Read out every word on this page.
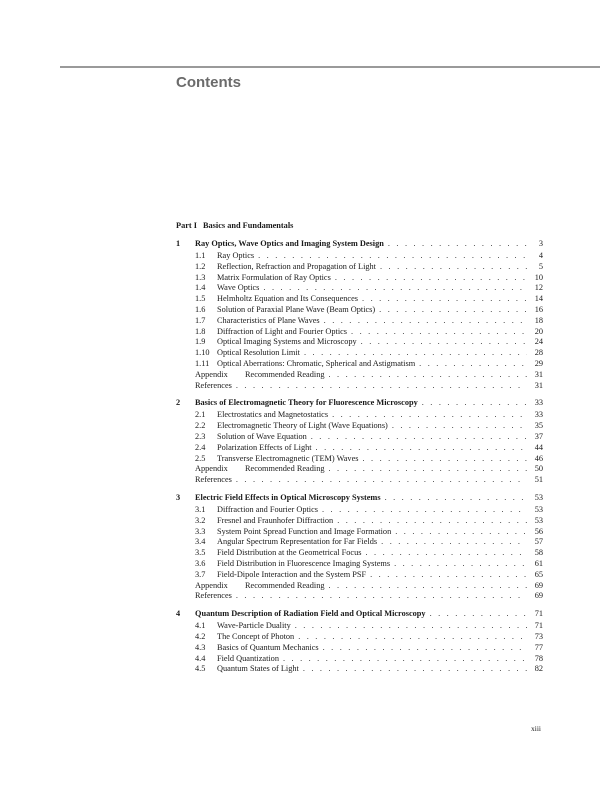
Contents
Part I Basics and Fundamentals
1	Ray Optics, Wave Optics and Imaging System Design . . .	3
1.1	Ray Optics . . .	4
1.2	Reflection, Refraction and Propagation of Light . . .	5
1.3	Matrix Formulation of Ray Optics . . .	10
1.4	Wave Optics . . .	12
1.5	Helmholtz Equation and Its Consequences . . .	14
1.6	Solution of Paraxial Plane Wave (Beam Optics) . . .	16
1.7	Characteristics of Plane Waves . . .	18
1.8	Diffraction of Light and Fourier Optics . . .	20
1.9	Optical Imaging Systems and Microscopy . . .	24
1.10 Optical Resolution Limit . . .	28
1.11 Optical Aberrations: Chromatic, Spherical and Astigmatism . . .	29
Appendix Recommended Reading . . .	31
References . . .	31
2	Basics of Electromagnetic Theory for Fluorescence Microscopy . . .	33
2.1	Electrostatics and Magnetostatics . . .	33
2.2	Electromagnetic Theory of Light (Wave Equations) . . .	35
2.3	Solution of Wave Equation . . .	37
2.4	Polarization Effects of Light . . .	44
2.5	Transverse Electromagnetic (TEM) Waves . . .	46
Appendix Recommended Reading . . .	50
References . . .	51
3	Electric Field Effects in Optical Microscopy Systems . . .	53
3.1	Diffraction and Fourier Optics . . .	53
3.2	Fresnel and Fraunhofer Diffraction . . .	53
3.3	System Point Spread Function and Image Formation . . .	56
3.4	Angular Spectrum Representation for Far Fields . . .	57
3.5	Field Distribution at the Geometrical Focus . . .	58
3.6	Field Distribution in Fluorescence Imaging Systems . . .	61
3.7	Field-Dipole Interaction and the System PSF . . .	65
Appendix Recommended Reading . . .	69
References . . .	69
4	Quantum Description of Radiation Field and Optical Microscopy . . .	71
4.1	Wave-Particle Duality . . .	71
4.2	The Concept of Photon . . .	73
4.3	Basics of Quantum Mechanics . . .	77
4.4	Field Quantization . . .	78
4.5	Quantum States of Light . . .	82
xiii
